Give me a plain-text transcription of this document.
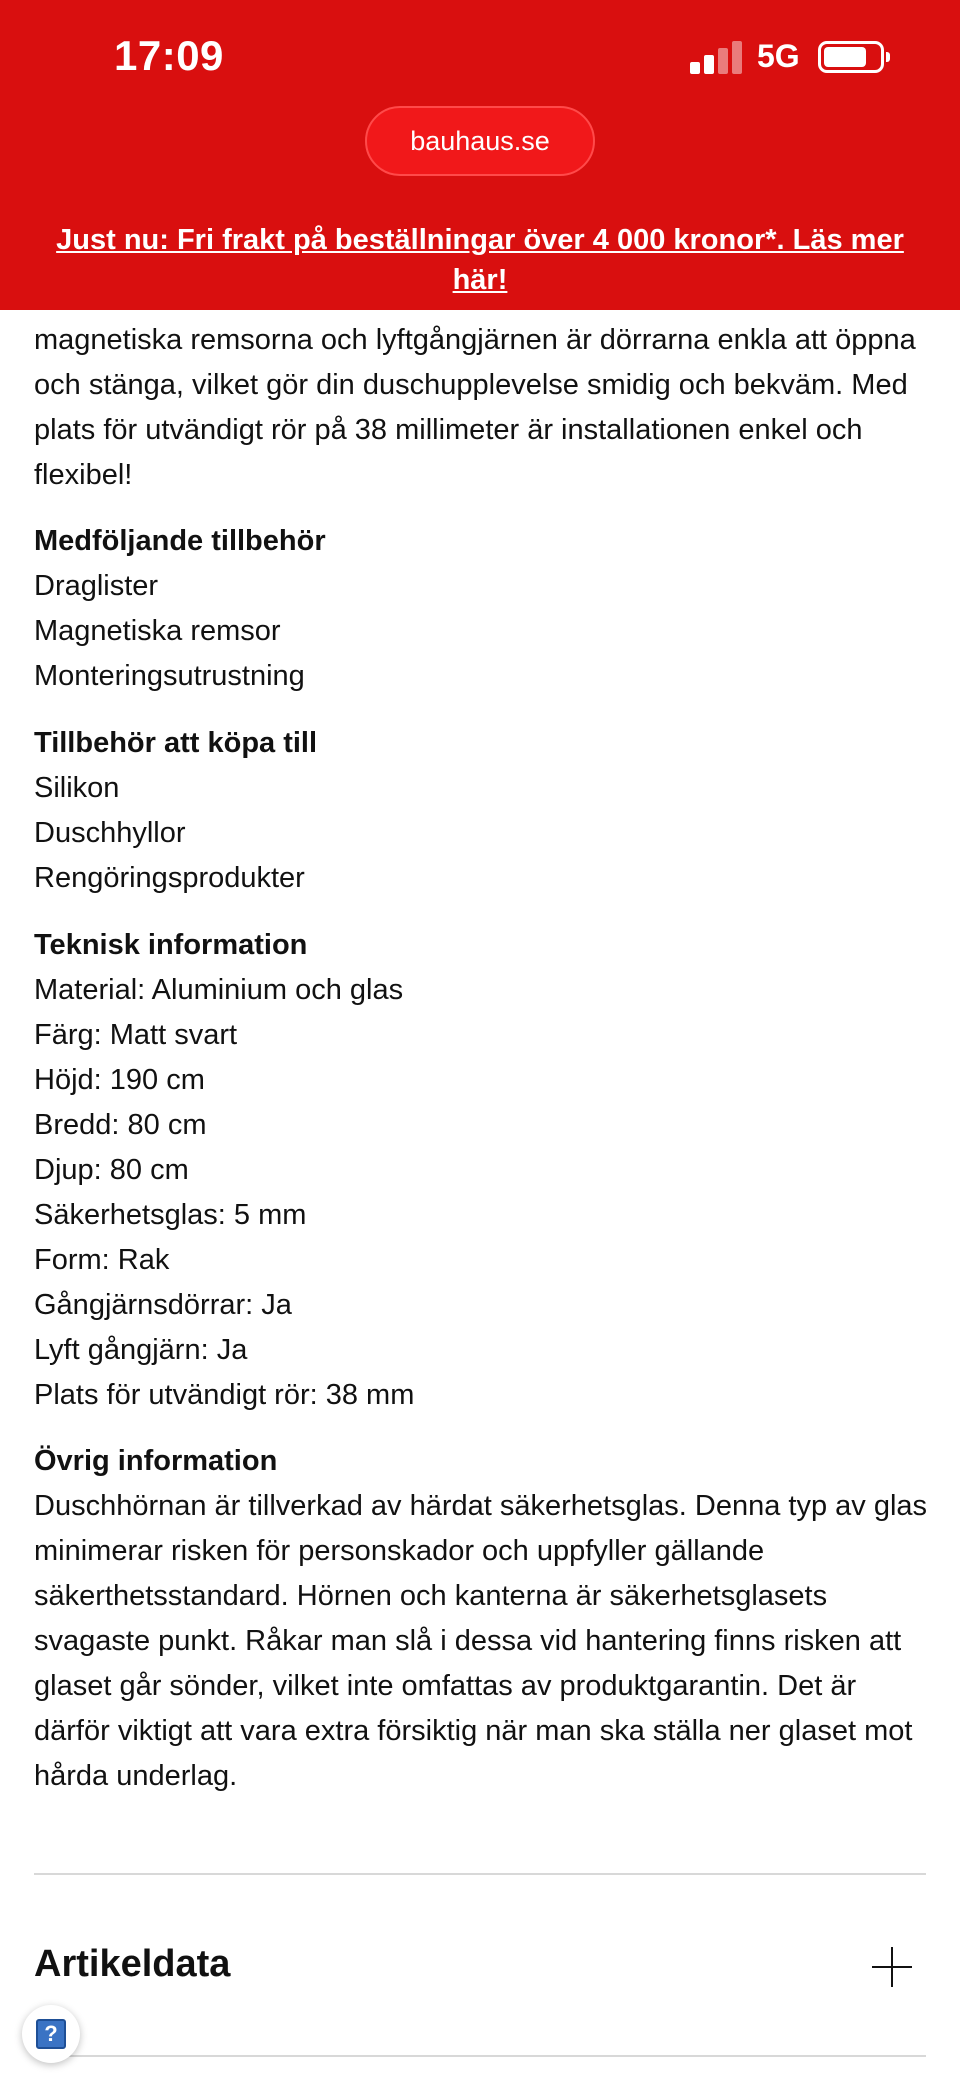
magnetiska remsorna och lyftgångjärnen är dörrarna enkla att öppna och stänga, vilket gör din duschupplevelse smidig och bekväm. Med plats för utvändigt rör på 38 millimeter är installationen enkel och flexibel!
Medföljande tillbehör
Draglister
Magnetiska remsor
Monteringsutrustning
Tillbehör att köpa till
Silikon
Duschhyllor
Rengöringsprodukter
Teknisk information
Material: Aluminium och glas
Färg: Matt svart
Höjd: 190 cm
Bredd: 80 cm
Djup: 80 cm
Säkerhetsglas: 5 mm
Form: Rak
Gångjärnsdörrar: Ja
Lyft gångjärn: Ja
Plats för utvändigt rör: 38 mm
Övrig information

Duschhörnan är tillverkad av härdat säkerhetsglas. Denna typ av glas minimerar risken för personskador och uppfyller gällande säkerthetsstandard. Hörnen och kanterna är säkerhetsglasets svagaste punkt. Råkar man slå i dessa vid hantering finns risken att glaset går sönder, vilket inte omfattas av produktgarantin. Det är därför viktigt att vara extra försiktig när man ska ställa ner glaset mot hårda underlag.

Artikeldata
?
17:09	5G
bauhaus.se
Just nu: Fri frakt på beställningar över 4 000 kronor*. Läs mer här!
